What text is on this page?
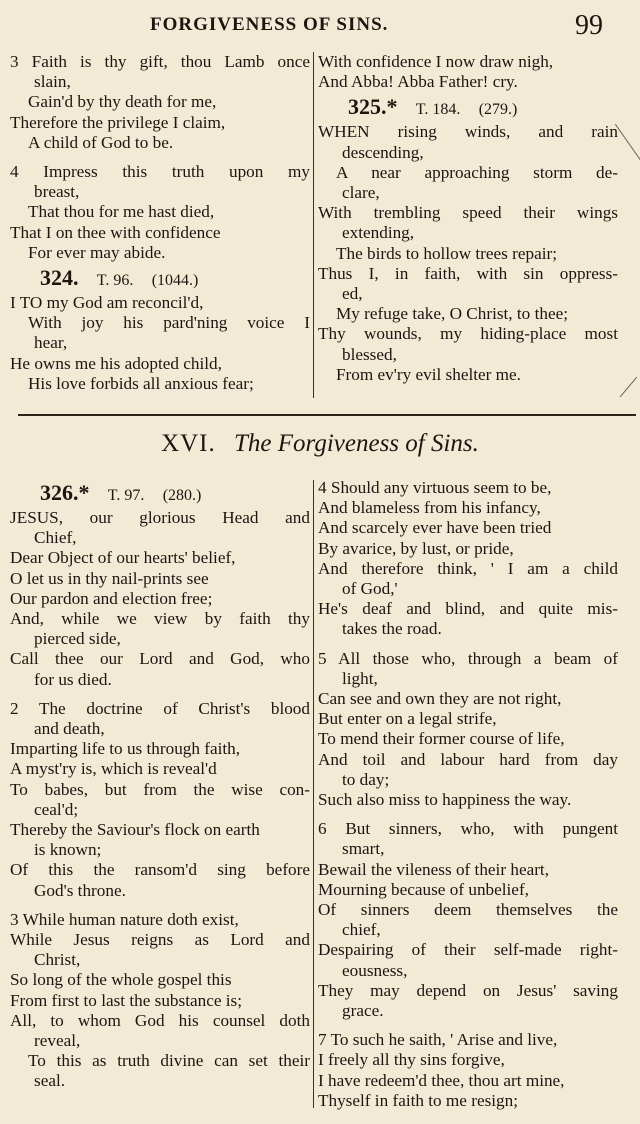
FORGIVENESS OF SINS.	99
3 Faith is thy gift, thou Lamb once
slain,
Gain'd by thy death for me,
Therefore the privilege I claim,
A child of God to be.
4 Impress this truth upon my
breast,
That thou for me hast died,
That I on thee with confidence
For ever may abide.
324. T. 96. (1044.)
I TO my God am reconcil'd,
With joy his pard'ning voice I
hear,
He owns me his adopted child,
His love forbids all anxious fear;
With confidence I now draw nigh,
And Abba! Abba Father! cry.
325.* T. 184. (279.)
WHEN rising winds, and rain
descending,
A near approaching storm de-
clare,
With trembling speed their wings
extending,
The birds to hollow trees repair;
Thus I, in faith, with sin oppress-
ed,
My refuge take, O Christ, to thee;
Thy wounds, my hiding-place most
blessed,
From ev'ry evil shelter me.
XVI. The Forgiveness of Sins.
326.* T. 97. (280.)
JESUS, our glorious Head and
Chief,
Dear Object of our hearts' belief,
O let us in thy nail-prints see
Our pardon and election free;
And, while we view by faith thy
pierced side,
Call thee our Lord and God, who
for us died.
2 The doctrine of Christ's blood
and death,
Imparting life to us through faith,
A myst'ry is, which is reveal'd
To babes, but from the wise con-
ceal'd;
Thereby the Saviour's flock on earth
is known;
Of this the ransom'd sing before
God's throne.
3 While human nature doth exist,
While Jesus reigns as Lord and
Christ,
So long of the whole gospel this
From first to last the substance is;
All, to whom God his counsel doth
reveal,
To this as truth divine can set their
seal.
4 Should any virtuous seem to be,
And blameless from his infancy,
And scarcely ever have been tried
By avarice, by lust, or pride,
And therefore think, ' I am a child
of God,'
He's deaf and blind, and quite mis-
takes the road.
5 All those who, through a beam of
light,
Can see and own they are not right,
But enter on a legal strife,
To mend their former course of life,
And toil and labour hard from day
to day;
Such also miss to happiness the way.
6 But sinners, who, with pungent
smart,
Bewail the vileness of their heart,
Mourning because of unbelief,
Of sinners deem themselves the
chief,
Despairing of their self-made right-
eousness,
They may depend on Jesus' saving
grace.
7 To such he saith, ' Arise and live,
I freely all thy sins forgive,
I have redeem'd thee, thou art mine,
Thyself in faith to me resign;
